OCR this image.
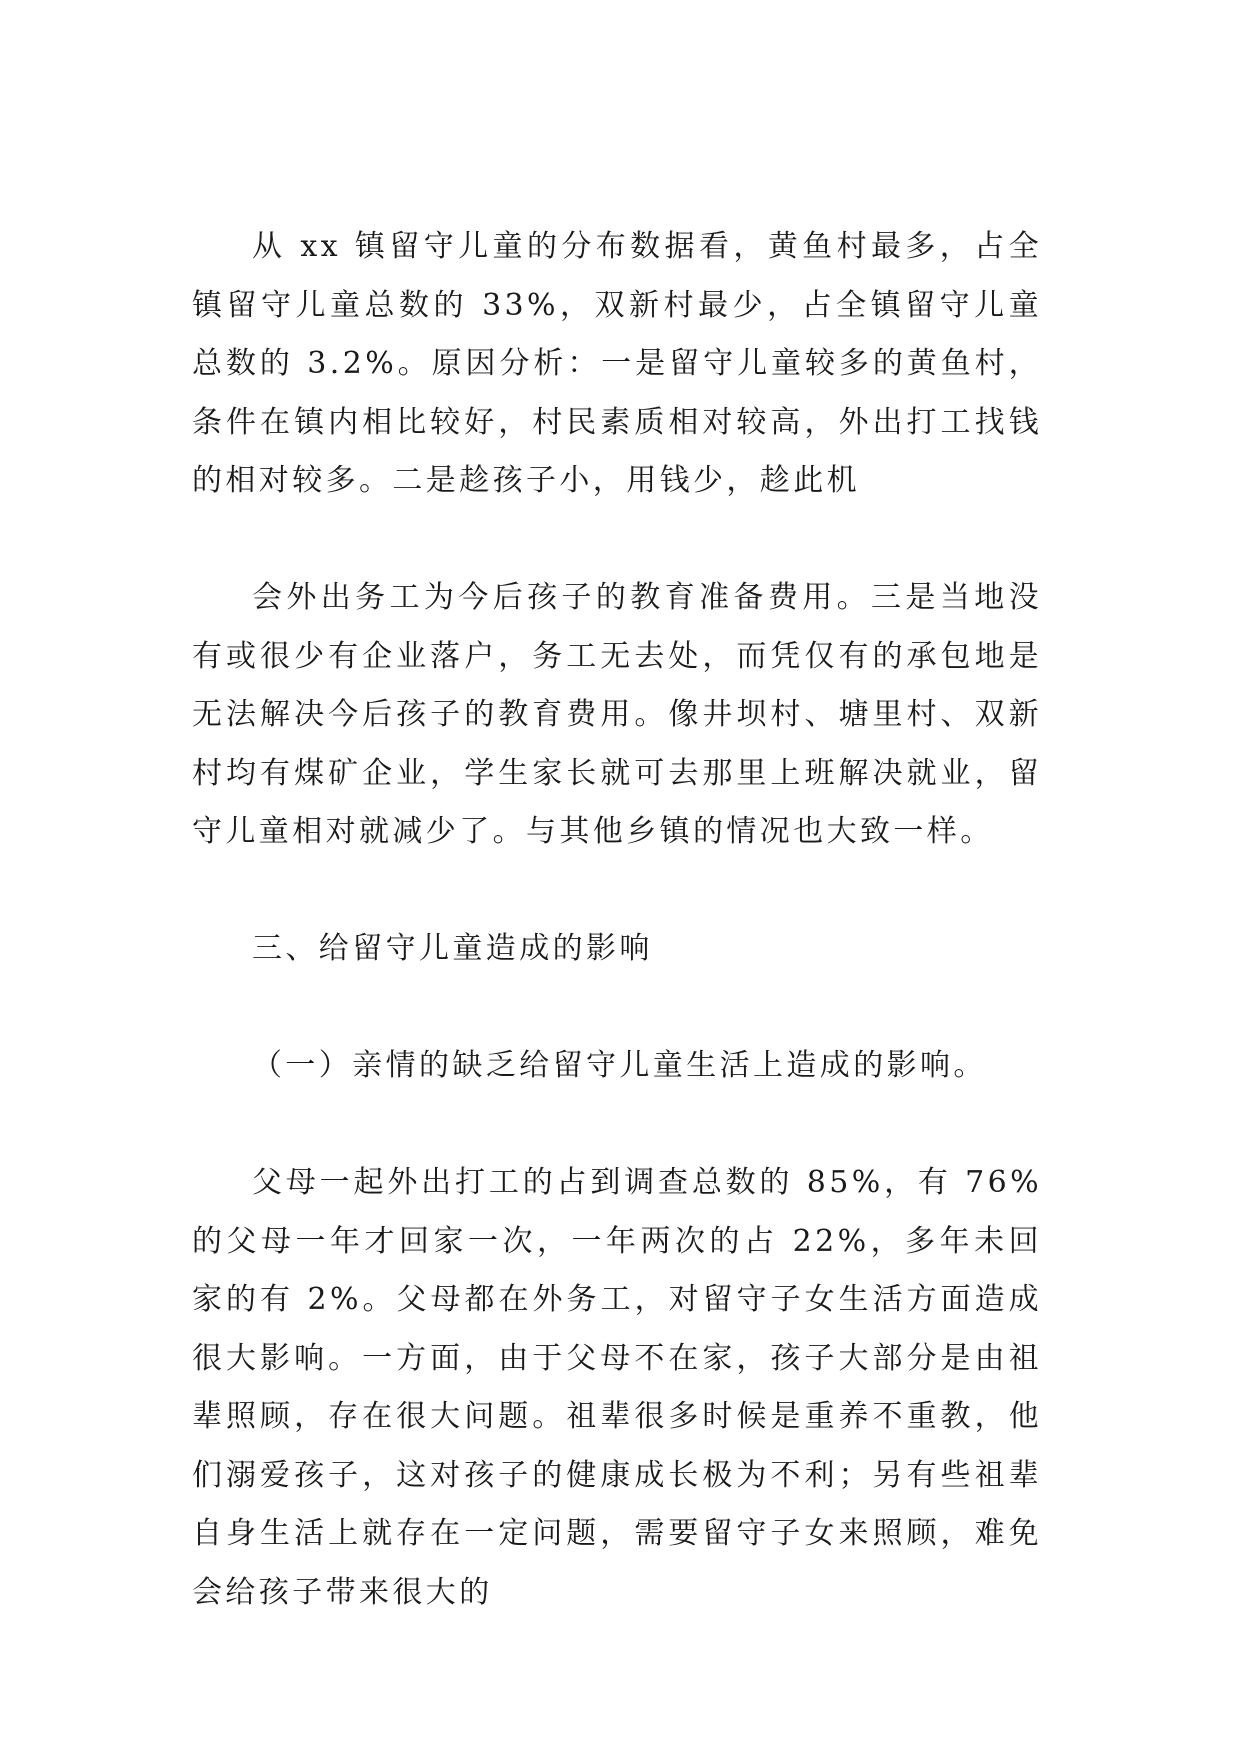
从 xx 镇留守儿童的分布数据看，黄鱼村最多，占全镇留守儿童总数的 33%，双新村最少，占全镇留守儿童总数的 3.2%。原因分析：一是留守儿童较多的黄鱼村，条件在镇内相比较好，村民素质相对较高，外出打工找钱的相对较多。二是趁孩子小，用钱少，趁此机

会外出务工为今后孩子的教育准备费用。三是当地没有或很少有企业落户，务工无去处，而凭仅有的承包地是无法解决今后孩子的教育费用。像井坝村、塘里村、双新村均有煤矿企业，学生家长就可去那里上班解决就业，留守儿童相对就减少了。与其他乡镇的情况也大致一样。

三、给留守儿童造成的影响

（一）亲情的缺乏给留守儿童生活上造成的影响。

父母一起外出打工的占到调查总数的 85%，有 76%的父母一年才回家一次，一年两次的占 22%，多年未回家的有 2%。父母都在外务工，对留守子女生活方面造成很大影响。一方面，由于父母不在家，孩子大部分是由祖辈照顾，存在很大问题。祖辈很多时候是重养不重教，他们溺爱孩子，这对孩子的健康成长极为不利；另有些祖辈自身生活上就存在一定问题，需要留守子女来照顾，难免会给孩子带来很大的
